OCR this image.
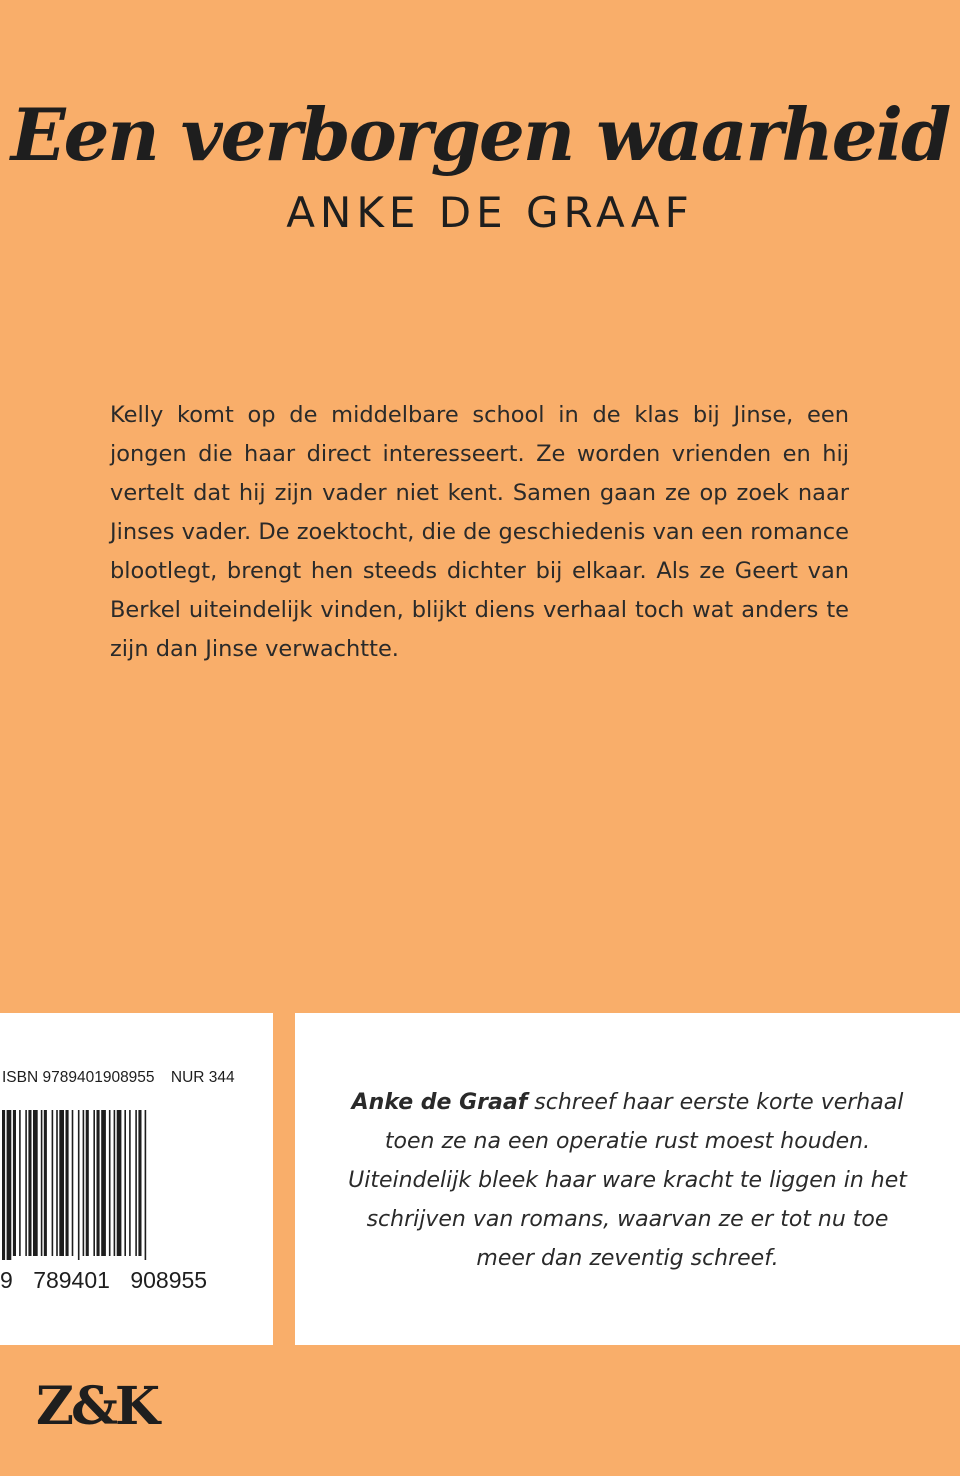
Een verborgen waarheid
ANKE DE GRAAF

Kelly komt op de middelbare school in de klas bij Jinse, een jongen die haar direct interesseert. Ze worden vrienden en hij vertelt dat hij zijn vader niet kent. Samen gaan ze op zoek naar Jinses vader. De zoektocht, die de geschiedenis van een romance blootlegt, brengt hen steeds dichter bij elkaar. Als ze Geert van Berkel uiteindelijk vinden, blijkt diens verhaal toch wat anders te zijn dan Jinse verwachtte.

ISBN 9789401908955 NUR 344
9 789401 908955

Anke de Graaf schreef haar eerste korte verhaal toen ze na een operatie rust moest houden. Uiteindelijk bleek haar ware kracht te liggen in het schrijven van romans, waarvan ze er tot nu toe meer dan zeventig schreef.

Z&K
